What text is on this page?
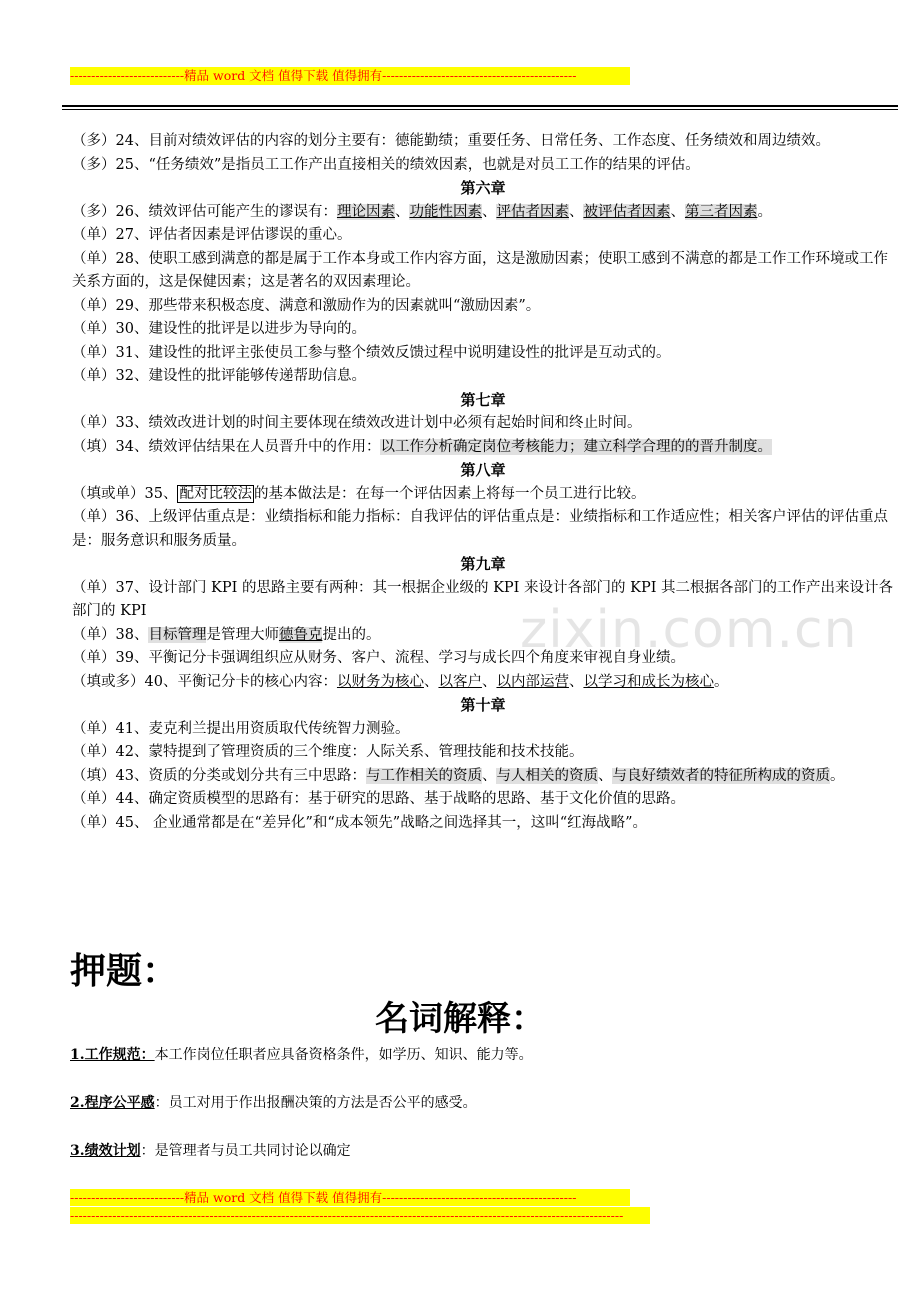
---------------------------精品 word 文档 值得下载 值得拥有----------------------------------------------
zixin.com.cn

（多）24、目前对绩效评估的内容的划分主要有：德能勤绩；重要任务、日常任务、工作态度、任务绩效和周边绩效。

（多）25、“任务绩效”是指员工工作产出直接相关的绩效因素，也就是对员工工作的结果的评估。

第六章

（多）26、绩效评估可能产生的谬误有：理论因素、功能性因素、评估者因素、被评估者因素、第三者因素。

（单）27、评估者因素是评估谬误的重心。

（单）28、使职工感到满意的都是属于工作本身或工作内容方面，这是激励因素；使职工感到不满意的都是工作工作环境或工作关系方面的，这是保健因素；这是著名的双因素理论。

（单）29、那些带来积极态度、满意和激励作为的因素就叫“激励因素”。

（单）30、建设性的批评是以进步为导向的。

（单）31、建设性的批评主张使员工参与整个绩效反馈过程中说明建设性的批评是互动式的。

（单）32、建设性的批评能够传递帮助信息。

第七章

（单）33、绩效改进计划的时间主要体现在绩效改进计划中必须有起始时间和终止时间。

（填）34、绩效评估结果在人员晋升中的作用：以工作分析确定岗位考核能力；建立科学合理的的晋升制度。

第八章

（填或单）35、 配对比较法 的基本做法是：在每一个评估因素上将每一个员工进行比较。

（单）36、上级评估重点是：业绩指标和能力指标：自我评估的评估重点是：业绩指标和工作适应性；相关客户评估的评估重点是：服务意识和服务质量。

第九章

（单）37、设计部门 KPI 的思路主要有两种：其一根据企业级的 KPI 来设计各部门的 KPI 其二根据各部门的工作产出来设计各部门的 KPI

（单）38、目标管理是管理大师德鲁克提出的。

（单）39、平衡记分卡强调组织应从财务、客户、流程、学习与成长四个角度来审视自身业绩。

（填或多）40、平衡记分卡的核心内容：以财务为核心、以客户、以内部运营、以学习和成长为核心。

第十章

（单）41、麦克利兰提出用资质取代传统智力测验。

（单）42、蒙特提到了管理资质的三个维度：人际关系、管理技能和技术技能。

（填）43、资质的分类或划分共有三中思路：与工作相关的资质、与人相关的资质、与良好绩效者的特征所构成的资质。

（单）44、确定资质模型的思路有：基于研究的思路、基于战略的思路、基于文化价值的思路。

（单）45、 企业通常都是在“差异化”和“成本领先”战略之间选择其一，这叫“红海战略”。

押题：
名词解释：

1.工作规范：本工作岗位任职者应具备资格条件，如学历、知识、能力等。

2.程序公平感：员工对用于作出报酬决策的方法是否公平的感受。

3.绩效计划：是管理者与员工共同讨论以确定

---------------------------精品 word 文档 值得下载 值得拥有----------------------------------------------
-----------------------------------------------------------------------------------------------------------------------------------
